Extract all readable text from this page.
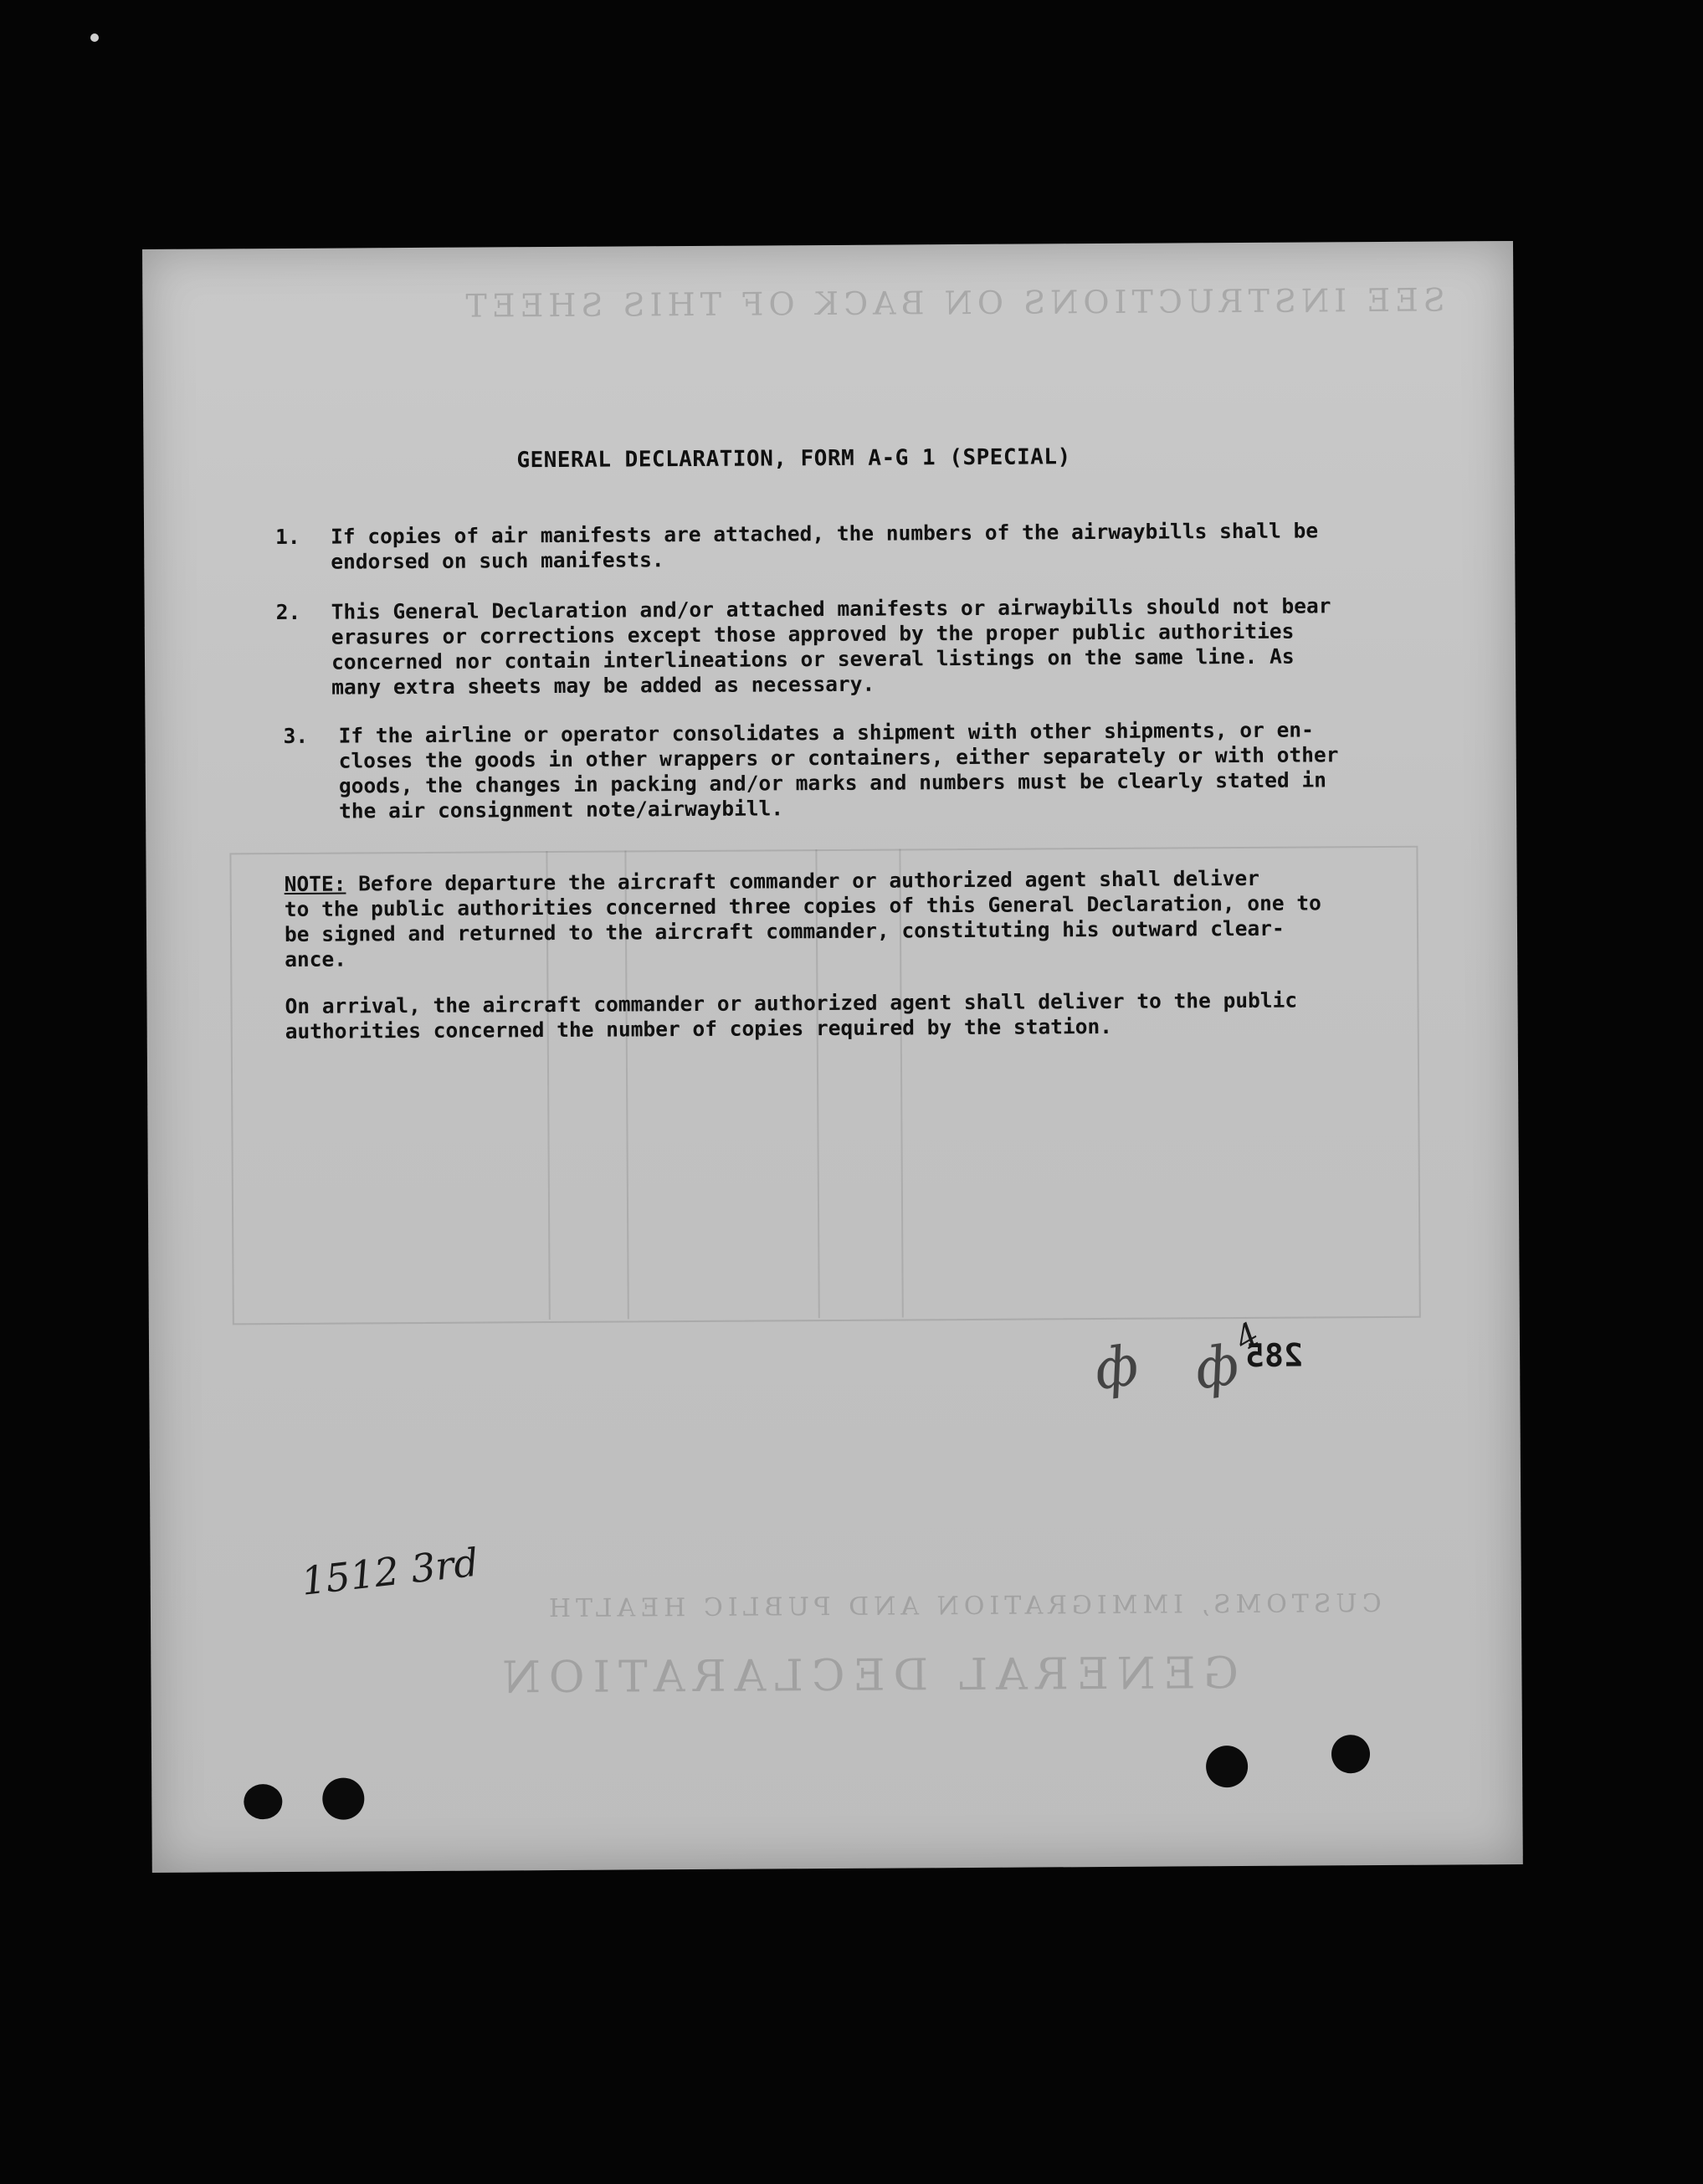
SEE INSTRUCTIONS ON BACK OF THIS SHEET
CUSTOMS, IMMIGRATION AND PUBLIC HEALTH
GENERAL DECLARATION
GENERAL DECLARATION, FORM A-G 1 (SPECIAL)
1. If copies of air manifests are attached, the numbers of the airwaybills shall be
endorsed on such manifests.
2. This General Declaration and/or attached manifests or airwaybills should not bear
erasures or corrections except those approved by the proper public authorities
concerned nor contain interlineations or several listings on the same line. As
many extra sheets may be added as necessary.
3. If the airline or operator consolidates a shipment with other shipments, or en-
closes the goods in other wrappers or containers, either separately or with other
goods, the changes in packing and/or marks and numbers must be clearly stated in
the air consignment note/airwaybill.
NOTE: Before departure the aircraft commander or authorized agent shall deliver
to the public authorities concerned three copies of this General Declaration, one to
be signed and returned to the aircraft commander, constituting his outward clear-
ance.
On arrival, the aircraft commander or authorized agent shall deliver to the public
authorities concerned the number of copies required by the station.
ф ф
4
285
1512 3rd
